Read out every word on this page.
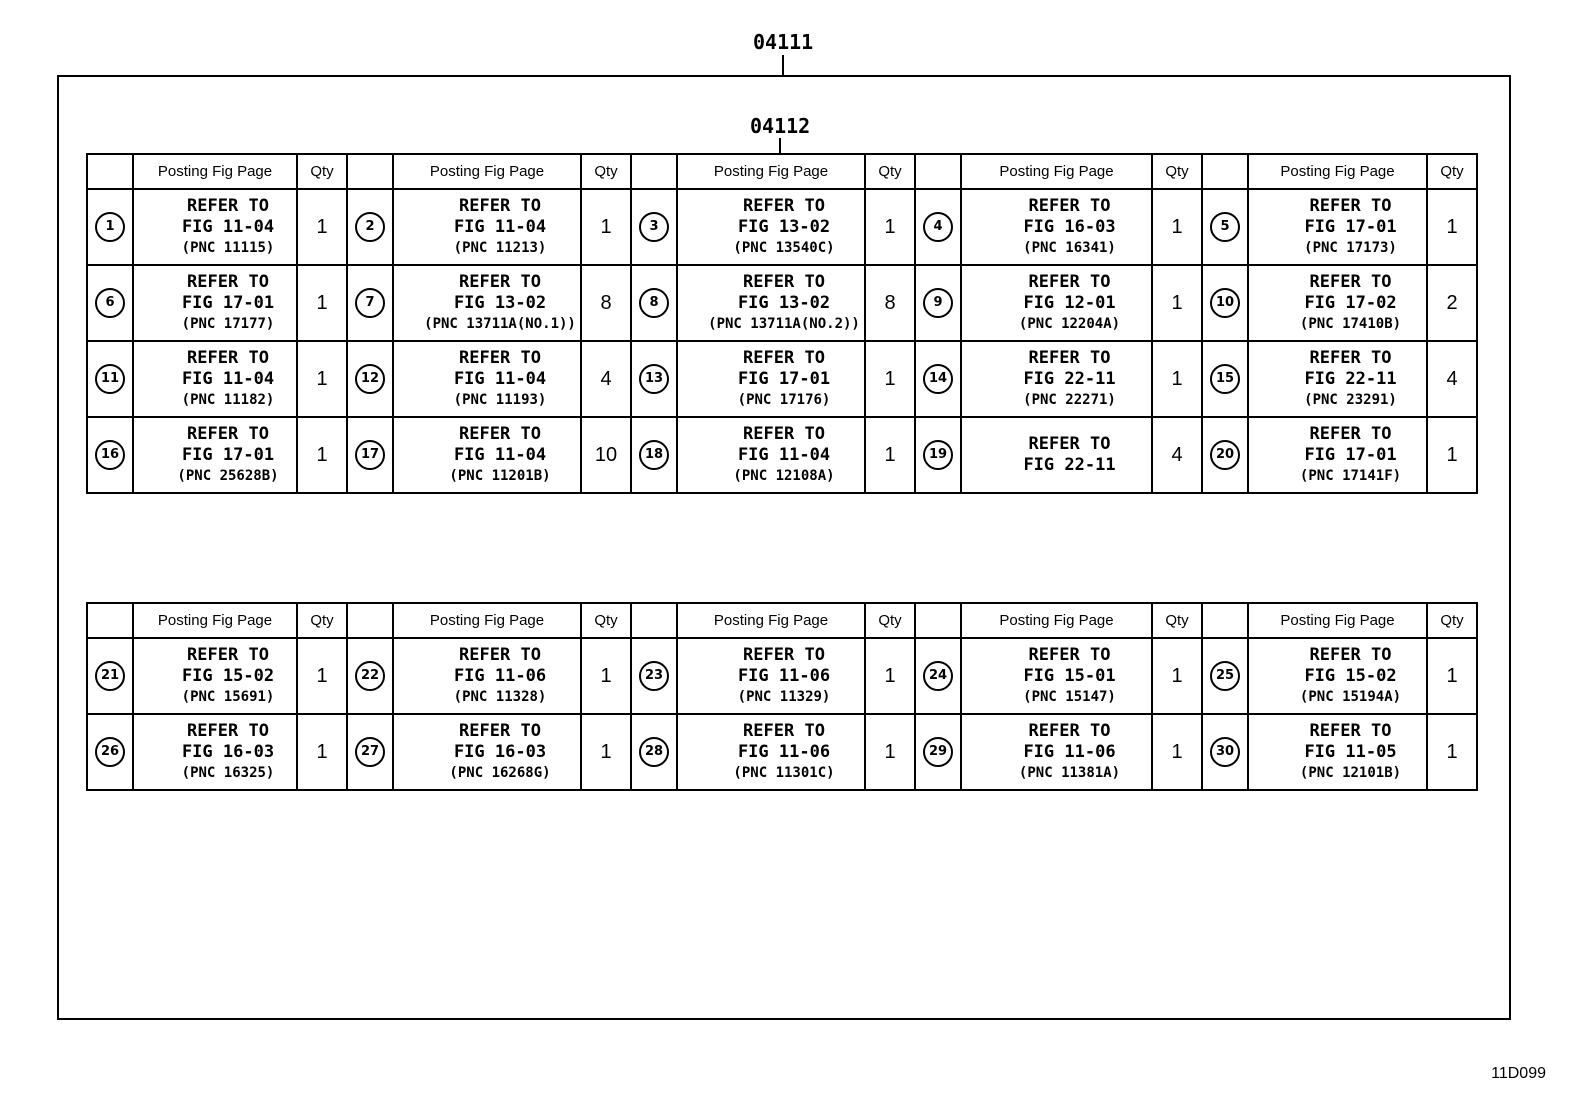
04111
04112
	Posting Fig Page	Qty		Posting Fig Page	Qty		Posting Fig Page	Qty		Posting Fig Page	Qty		Posting Fig Page	Qty
1	REFER TO
FIG 11-04
(PNC 11115)	1	2	REFER TO
FIG 11-04
(PNC 11213)	1	3	REFER TO
FIG 13-02
(PNC 13540C)	1	4	REFER TO
FIG 16-03
(PNC 16341)	1	5	REFER TO
FIG 17-01
(PNC 17173)	1
6	REFER TO
FIG 17-01
(PNC 17177)	1	7	REFER TO
FIG 13-02
(PNC 13711A(NO.1))	8	8	REFER TO
FIG 13-02
(PNC 13711A(NO.2))	8	9	REFER TO
FIG 12-01
(PNC 12204A)	1	10	REFER TO
FIG 17-02
(PNC 17410B)	2
11	REFER TO
FIG 11-04
(PNC 11182)	1	12	REFER TO
FIG 11-04
(PNC 11193)	4	13	REFER TO
FIG 17-01
(PNC 17176)	1	14	REFER TO
FIG 22-11
(PNC 22271)	1	15	REFER TO
FIG 22-11
(PNC 23291)	4
16	REFER TO
FIG 17-01
(PNC 25628B)	1	17	REFER TO
FIG 11-04
(PNC 11201B)	10	18	REFER TO
FIG 11-04
(PNC 12108A)	1	19	REFER TO
FIG 22-11	4	20	REFER TO
FIG 17-01
(PNC 17141F)	1
	Posting Fig Page	Qty		Posting Fig Page	Qty		Posting Fig Page	Qty		Posting Fig Page	Qty		Posting Fig Page	Qty
21	REFER TO
FIG 15-02
(PNC 15691)	1	22	REFER TO
FIG 11-06
(PNC 11328)	1	23	REFER TO
FIG 11-06
(PNC 11329)	1	24	REFER TO
FIG 15-01
(PNC 15147)	1	25	REFER TO
FIG 15-02
(PNC 15194A)	1
26	REFER TO
FIG 16-03
(PNC 16325)	1	27	REFER TO
FIG 16-03
(PNC 16268G)	1	28	REFER TO
FIG 11-06
(PNC 11301C)	1	29	REFER TO
FIG 11-06
(PNC 11381A)	1	30	REFER TO
FIG 11-05
(PNC 12101B)	1
11D099
